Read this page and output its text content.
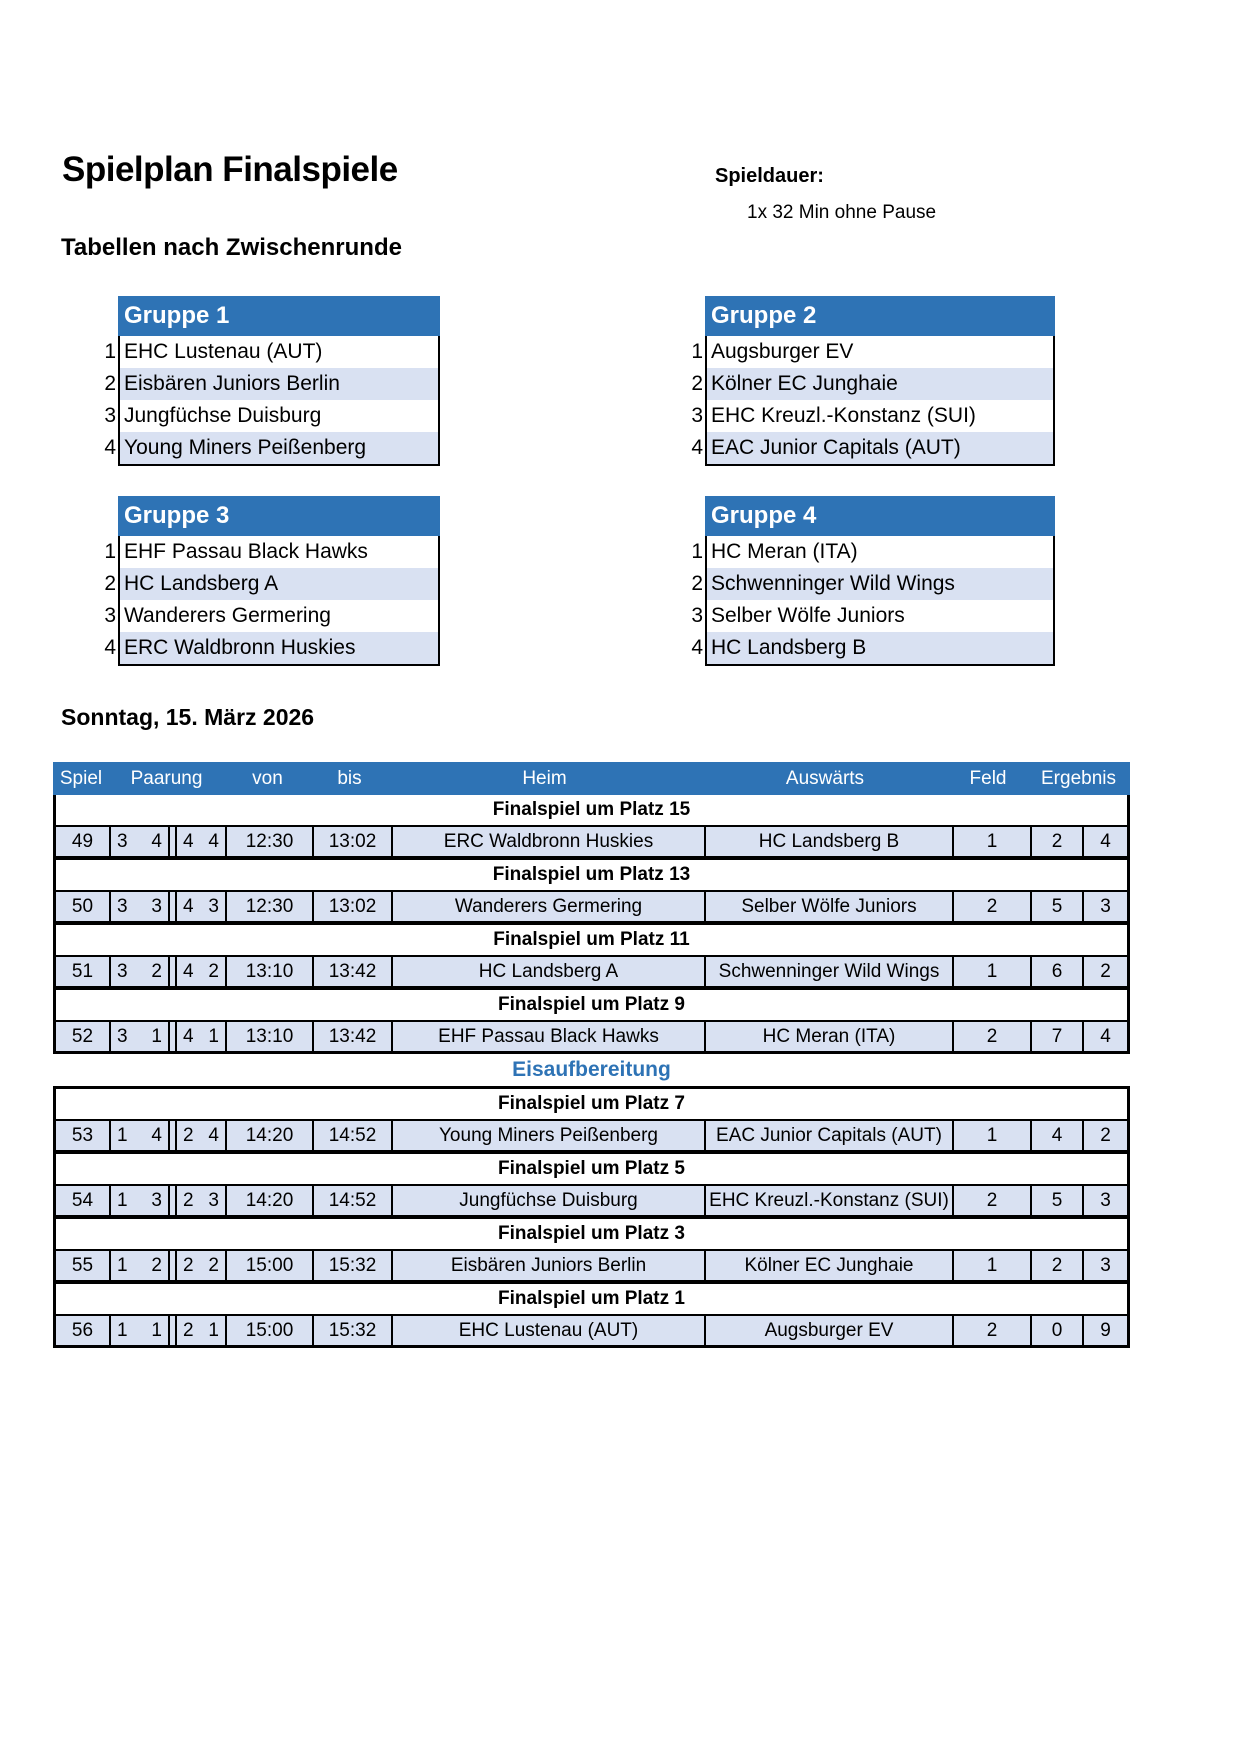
Spielplan Finalspiele	Spieldauer:
1x 32 Min ohne Pause
Tabellen nach Zwischenrunde
Gruppe 1
1 EHC Lustenau (AUT)
2 Eisbären Juniors Berlin
3 Jungfüchse Duisburg
4 Young Miners Peißenberg
Gruppe 2
1 Augsburger EV
2 Kölner EC Junghaie
3 EHC Kreuzl.-Konstanz (SUI)
4 EAC Junior Capitals (AUT)
Gruppe 3
1 EHF Passau Black Hawks
2 HC Landsberg A
3 Wanderers Germering
4 ERC Waldbronn Huskies
Gruppe 4
1 HC Meran (ITA)
2 Schwenninger Wild Wings
3 Selber Wölfe Juniors
4 HC Landsberg B
Sonntag, 15. März 2026
Spiel	Paarung	von	bis	Heim	Auswärts	Feld	Ergebnis
Finalspiel um Platz 15
49	3 4 4 4	12:30	13:02	ERC Waldbronn Huskies	HC Landsberg B	1	2	4
Finalspiel um Platz 13
50	3 3 4 3	12:30	13:02	Wanderers Germering	Selber Wölfe Juniors	2	5	3
Finalspiel um Platz 11
51	3 2 4 2	13:10	13:42	HC Landsberg A	Schwenninger Wild Wings	1	6	2
Finalspiel um Platz 9
52	3 1 4 1	13:10	13:42	EHF Passau Black Hawks	HC Meran (ITA)	2	7	4
Eisaufbereitung
Finalspiel um Platz 7
53	1 4 2 4	14:20	14:52	Young Miners Peißenberg	EAC Junior Capitals (AUT)	1	4	2
Finalspiel um Platz 5
54	1 3 2 3	14:20	14:52	Jungfüchse Duisburg	EHC Kreuzl.-Konstanz (SUI)	2	5	3
Finalspiel um Platz 3
55	1 2 2 2	15:00	15:32	Eisbären Juniors Berlin	Kölner EC Junghaie	1	2	3
Finalspiel um Platz 1
56	1 1 2 1	15:00	15:32	EHC Lustenau (AUT)	Augsburger EV	2	0	9
